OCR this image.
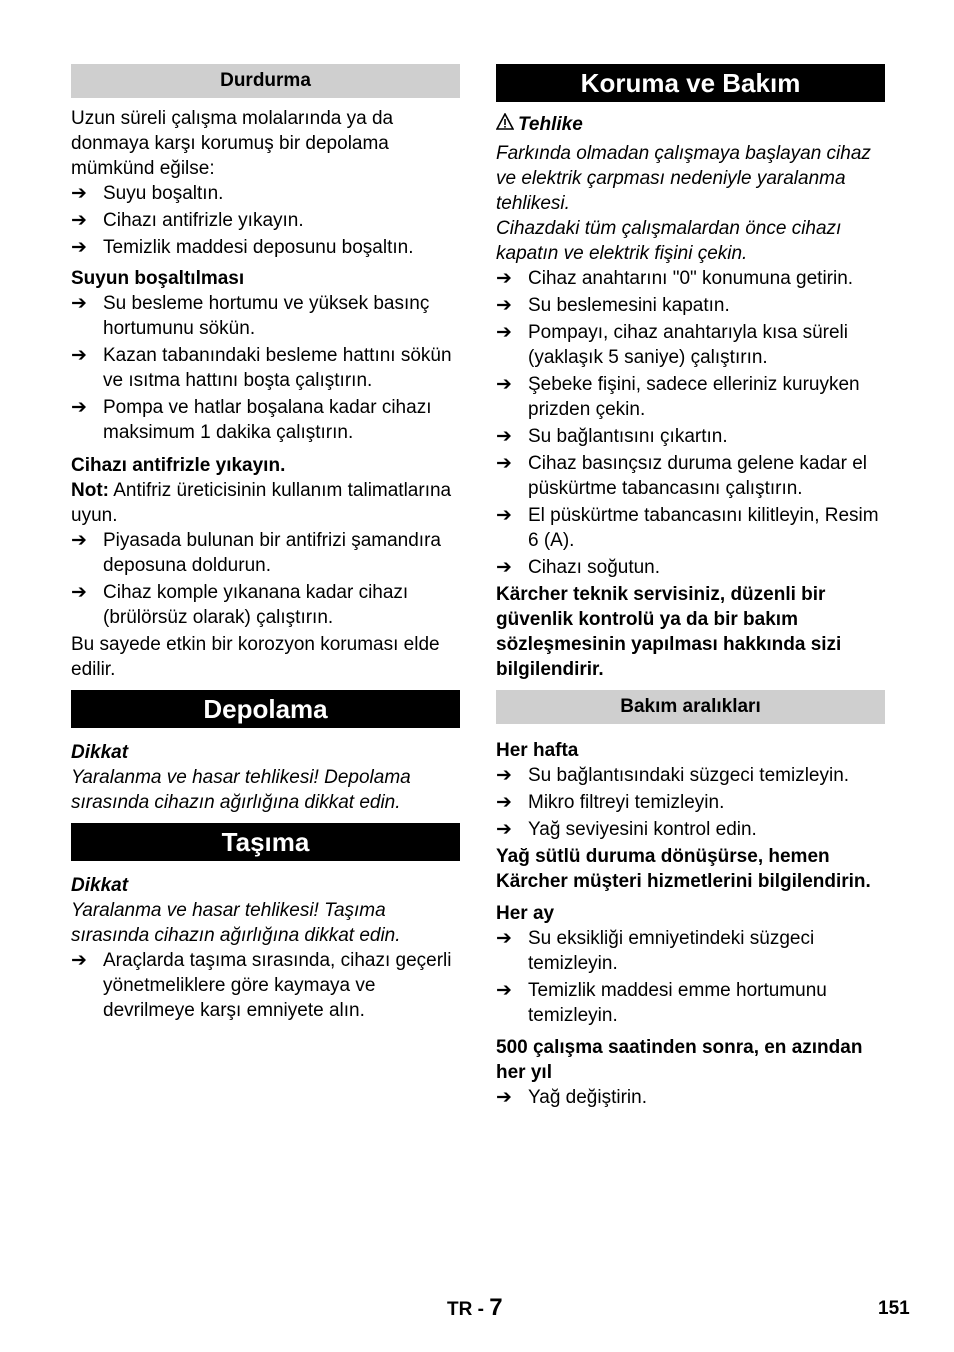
Durdurma

Uzun süreli çalışma molalarında ya da donmaya karşı korumuş bir depolama mümkünd eğilse:

➔ Suyu boşaltın.
➔ Cihazı antifrizle yıkayın.
➔ Temizlik maddesi deposunu boşaltın.

Suyun boşaltılması

➔ Su besleme hortumu ve yüksek basınç hortumunu sökün.
➔ Kazan tabanındaki besleme hattını sökün ve ısıtma hattını boşta çalıştırın.
➔ Pompa ve hatlar boşalana kadar cihazı maksimum 1 dakika çalıştırın.

Cihazı antifrizle yıkayın.

Not: Antifriz üreticisinin kullanım talimatlarına uyun.

➔ Piyasada bulunan bir antifrizi şamandıra deposuna doldurun.
➔ Cihaz komple yıkanana kadar cihazı (brülörsüz olarak) çalıştırın.

Bu sayede etkin bir korozyon koruması elde edilir.

Depolama

Dikkat

Yaralanma ve hasar tehlikesi! Depolama sırasında cihazın ağırlığına dikkat edin.

Taşıma

Dikkat

Yaralanma ve hasar tehlikesi! Taşıma sırasında cihazın ağırlığına dikkat edin.

➔ Araçlarda taşıma sırasında, cihazı geçerli yönetmeliklere göre kaymaya ve devrilmeye karşı emniyete alın.
Koruma ve Bakım

Tehlike

Farkında olmadan çalışmaya başlayan cihaz ve elektrik çarpması nedeniyle yaralanma tehlikesi.

Cihazdaki tüm çalışmalardan önce cihazı kapatın ve elektrik fişini çekin.

➔ Cihaz anahtarını "0" konumuna getirin.
➔ Su beslemesini kapatın.
➔ Pompayı, cihaz anahtarıyla kısa süreli (yaklaşık 5 saniye) çalıştırın.
➔ Şebeke fişini, sadece elleriniz kuruyken prizden çekin.
➔ Su bağlantısını çıkartın.
➔ Cihaz basınçsız duruma gelene kadar el püskürtme tabancasını çalıştırın.
➔ El püskürtme tabancasını kilitleyin, Resim 6 (A).
➔ Cihazı soğutun.

Kärcher teknik servisiniz, düzenli bir güvenlik kontrolü ya da bir bakım sözleşmesinin yapılması hakkında sizi bilgilendirir.

Bakım aralıkları

Her hafta

➔ Su bağlantısındaki süzgeci temizleyin.
➔ Mikro filtreyi temizleyin.
➔ Yağ seviyesini kontrol edin.

Yağ sütlü duruma dönüşürse, hemen Kärcher müşteri hizmetlerini bilgilendirin.

Her ay

➔ Su eksikliği emniyetindeki süzgeci temizleyin.
➔ Temizlik maddesi emme hortumunu temizleyin.

500 çalışma saatinden sonra, en azından her yıl

➔ Yağ değiştirin.
TR - 7	151
